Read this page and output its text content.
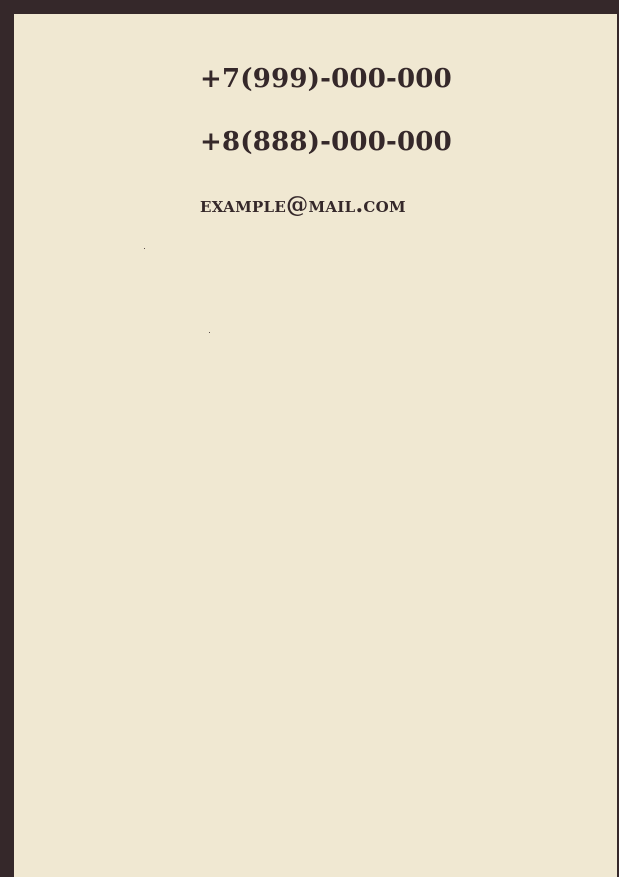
+7(999)-000-000
+8(888)-000-000
example@mail.com
